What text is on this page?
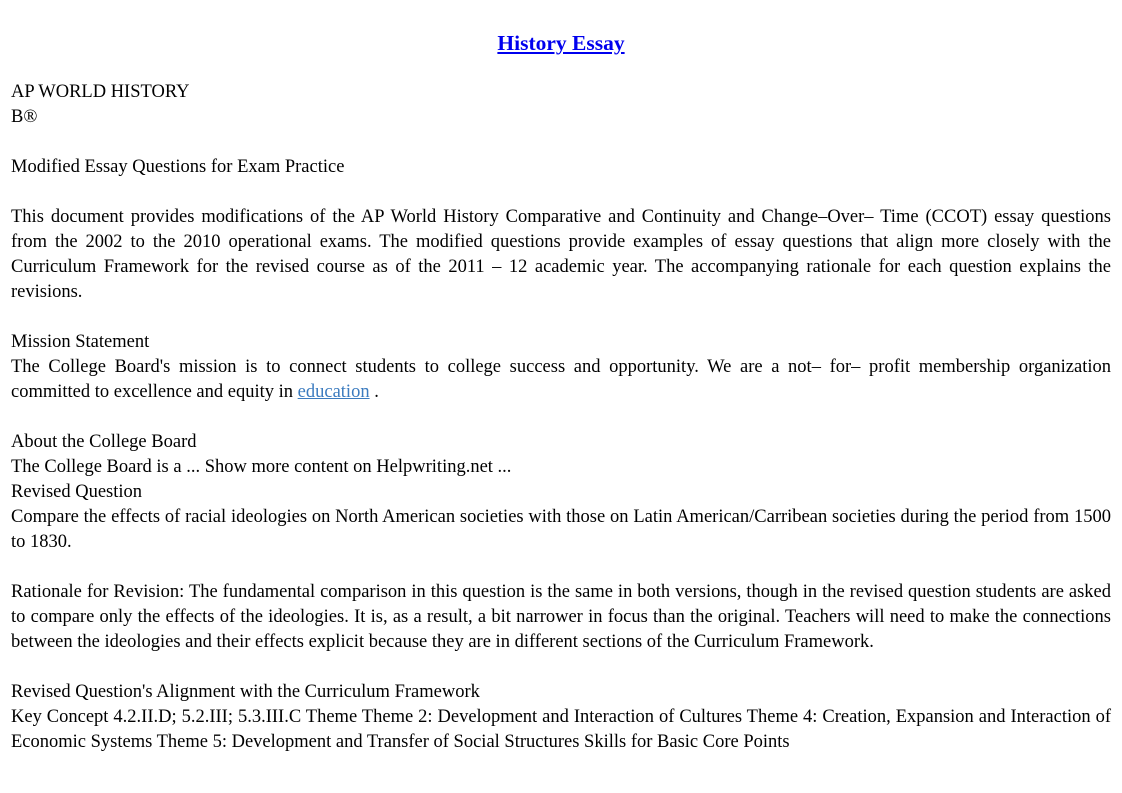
History Essay

AP WORLD HISTORY

B®

Modified Essay Questions for Exam Practice

This document provides modifications of the AP World History Comparative and Continuity and Change–Over– Time (CCOT) essay questions from the 2002 to the 2010 operational exams. The modified questions provide examples of essay questions that align more closely with the Curriculum Framework for the revised course as of the 2011 – 12 academic year. The accompanying rationale for each question explains the revisions.

Mission Statement

The College Board's mission is to connect students to college success and opportunity. We are a not– for– profit membership organization committed to excellence and equity in education .

About the College Board

The College Board is a ... Show more content on Helpwriting.net ...

Revised Question

Compare the effects of racial ideologies on North American societies with those on Latin American/Carribean societies during the period from 1500 to 1830.

Rationale for Revision: The fundamental comparison in this question is the same in both versions, though in the revised question students are asked to compare only the effects of the ideologies. It is, as a result, a bit narrower in focus than the original. Teachers will need to make the connections between the ideologies and their effects explicit because they are in different sections of the Curriculum Framework.

Revised Question's Alignment with the Curriculum Framework

Key Concept 4.2.II.D; 5.2.III; 5.3.III.C Theme Theme 2: Development and Interaction of Cultures Theme 4: Creation, Expansion and Interaction of Economic Systems Theme 5: Development and Transfer of Social Structures Skills for Basic Core Points
